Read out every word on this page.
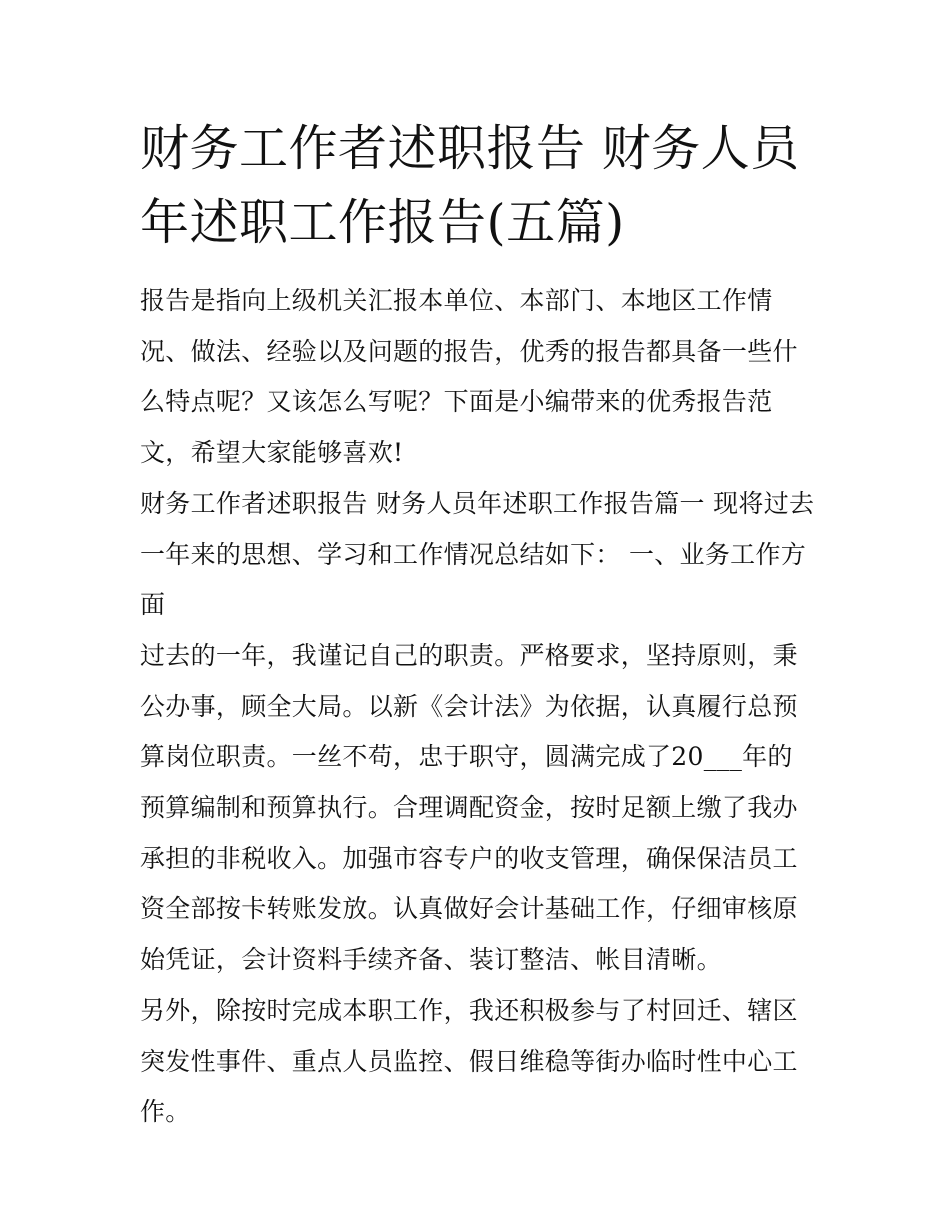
财务工作者述职报告 财务人员年述职工作报告(五篇)

报告是指向上级机关汇报本单位、本部门、本地区工作情况、做法、经验以及问题的报告，优秀的报告都具备一些什么特点呢？又该怎么写呢？下面是小编带来的优秀报告范文，希望大家能够喜欢!

财务工作者述职报告 财务人员年述职工作报告篇一 现将过去一年来的思想、学习和工作情况总结如下： 一、业务工作方面

过去的一年，我谨记自己的职责。严格要求，坚持原则，秉公办事，顾全大局。以新《会计法》为依据，认真履行总预算岗位职责。一丝不苟，忠于职守，圆满完成了20___年的预算编制和预算执行。合理调配资金，按时足额上缴了我办承担的非税收入。加强市容专户的收支管理，确保保洁员工资全部按卡转账发放。认真做好会计基础工作，仔细审核原始凭证，会计资料手续齐备、装订整洁、帐目清晰。

另外，除按时完成本职工作，我还积极参与了村回迁、辖区突发性事件、重点人员监控、假日维稳等街办临时性中心工作。
